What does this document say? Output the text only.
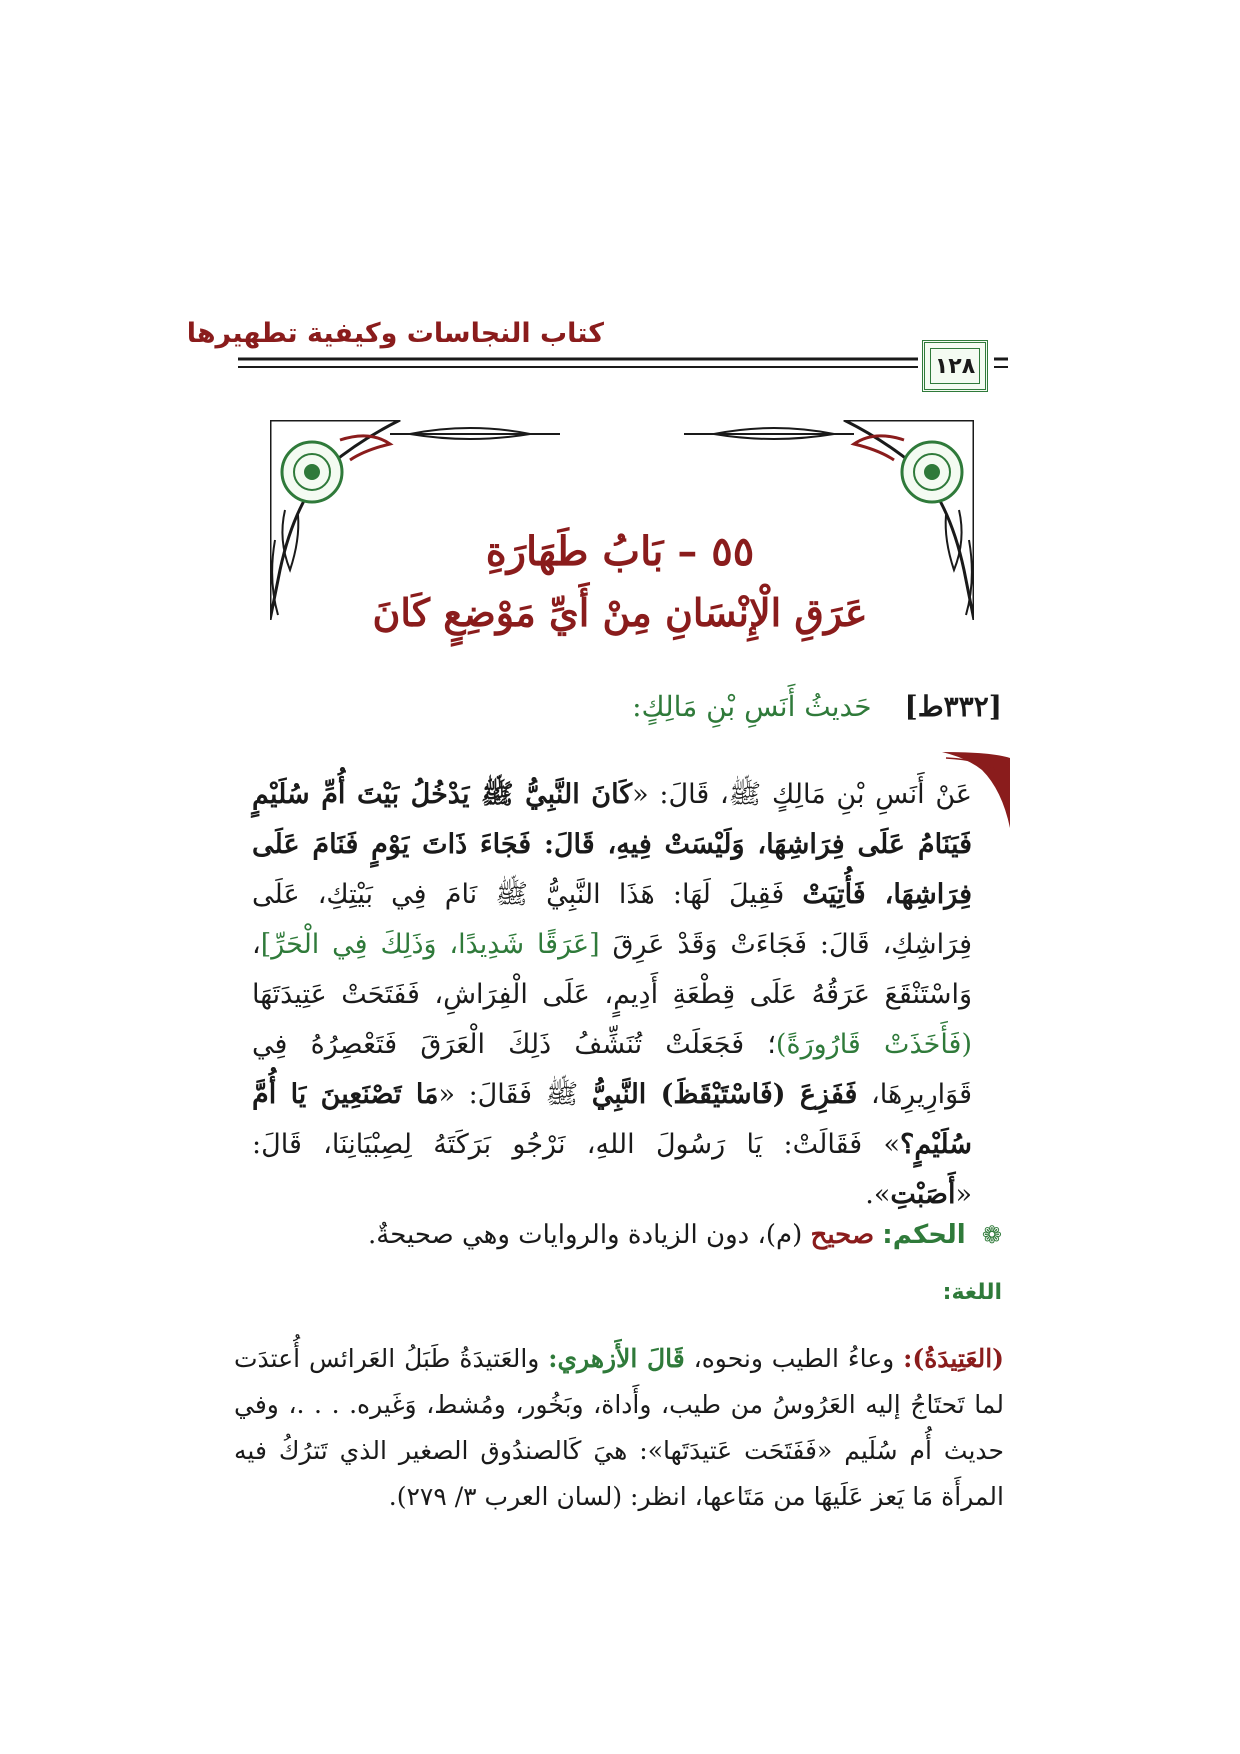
كتاب النجاسات وكيفية تطهيرها
١٢٨
٥٥ – بَابُ طَهَارَةِ
عَرَقِ الْإِنْسَانِ مِنْ أَيِّ مَوْضِعٍ كَانَ
[٣٣٢ط] حَديثُ أَنَسِ بْنِ مَالِكٍ:
عَنْ أَنَسِ بْنِ مَالِكٍ ﷺ، قَالَ: «كَانَ النَّبِيُّ ﷺ يَدْخُلُ بَيْتَ أُمِّ سُلَيْمٍ فَيَنَامُ عَلَى فِرَاشِهَا، وَلَيْسَتْ فِيهِ، قَالَ: فَجَاءَ ذَاتَ يَوْمٍ فَنَامَ عَلَى فِرَاشِهَا، فَأُتِيَتْ فَقِيلَ لَهَا: هَذَا النَّبِيُّ ﷺ نَامَ فِي بَيْتِكِ، عَلَى فِرَاشِكِ، قَالَ: فَجَاءَتْ وَقَدْ عَرِقَ [عَرَقًا شَدِيدًا، وَذَلِكَ فِي الْحَرِّ]، وَاسْتَنْقَعَ عَرَقُهُ عَلَى قِطْعَةِ أَدِيمٍ، عَلَى الْفِرَاشِ، فَفَتَحَتْ عَتِيدَتَهَا (فَأَخَذَتْ قَارُورَةً)؛ فَجَعَلَتْ تُنَشِّفُ ذَلِكَ الْعَرَقَ فَتَعْصِرُهُ فِي قَوَارِيرِهَا، فَفَزِعَ (فَاسْتَيْقَظَ) النَّبِيُّ ﷺ فَقَالَ: «مَا تَصْنَعِينَ يَا أُمَّ سُلَيْمٍ؟» فَقَالَتْ: يَا رَسُولَ اللهِ، نَرْجُو بَرَكَتَهُ لِصِبْيَانِنَا، قَالَ: «أَصَبْتِ».
❁ الحكم: صحيح (م)، دون الزيادة والروايات وهي صحيحةٌ.
اللغة:
(العَتِيدَةُ): وعاءُ الطيب ونحوه، قَالَ الأَزهري: والعَتيدَةُ طَبَلُ العَرائس أُعتدَت لما تَحتَاجُ إليه العَرُوسُ من طيب، وأَداة، وبَخُور، ومُشط، وَغَيره. . . .، وفي حديث أُم سُلَيم «فَفَتَحَت عَتيدَتَها»: هيَ كَالصندُوق الصغير الذي تَترُكُ فيه المرأَة مَا يَعز عَلَيهَا من مَتَاعها، انظر: (لسان العرب ٣/ ٢٧٩).
